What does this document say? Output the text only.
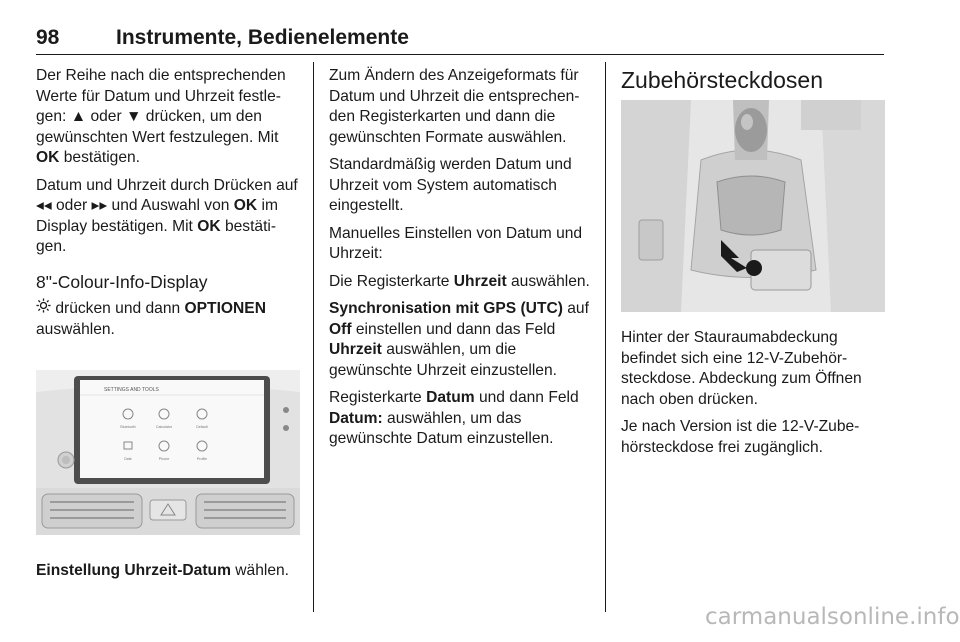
98	Instrumente, Bedienelemente

Der Reihe nach die entsprechenden Werte für Datum und Uhrzeit festle-gen: ▲ oder ▼ drücken, um den gewünschten Wert festzulegen. Mit OK bestätigen.

Datum und Uhrzeit durch Drücken auf ◂◂ oder ▸▸ und Auswahl von OK im Display bestätigen. Mit OK bestäti-gen.

8"-Colour-Info-Display

drücken und dann OPTIONEN auswählen.

SETTINGS AND TOOLS
Bluetooth	Calculator	Default
Date	Phone	Profile

Einstellung Uhrzeit-Datum wählen.

Zum Ändern des Anzeigeformats für Datum und Uhrzeit die entsprechen-den Registerkarten und dann die gewünschten Formate auswählen.

Standardmäßig werden Datum und Uhrzeit vom System automatisch eingestellt.

Manuelles Einstellen von Datum und Uhrzeit:

Die Registerkarte Uhrzeit auswählen.

Synchronisation mit GPS (UTC) auf Off einstellen und dann das Feld Uhrzeit auswählen, um die gewünschte Uhrzeit einzustellen.

Registerkarte Datum und dann Feld Datum: auswählen, um das gewünschte Datum einzustellen.

Zubehörsteckdosen

Hinter der Stauraumabdeckung befindet sich eine 12-V-Zubehör-steckdose. Abdeckung zum Öffnen nach oben drücken.

Je nach Version ist die 12-V-Zube-hörsteckdose frei zugänglich.

carmanualsonline.info
